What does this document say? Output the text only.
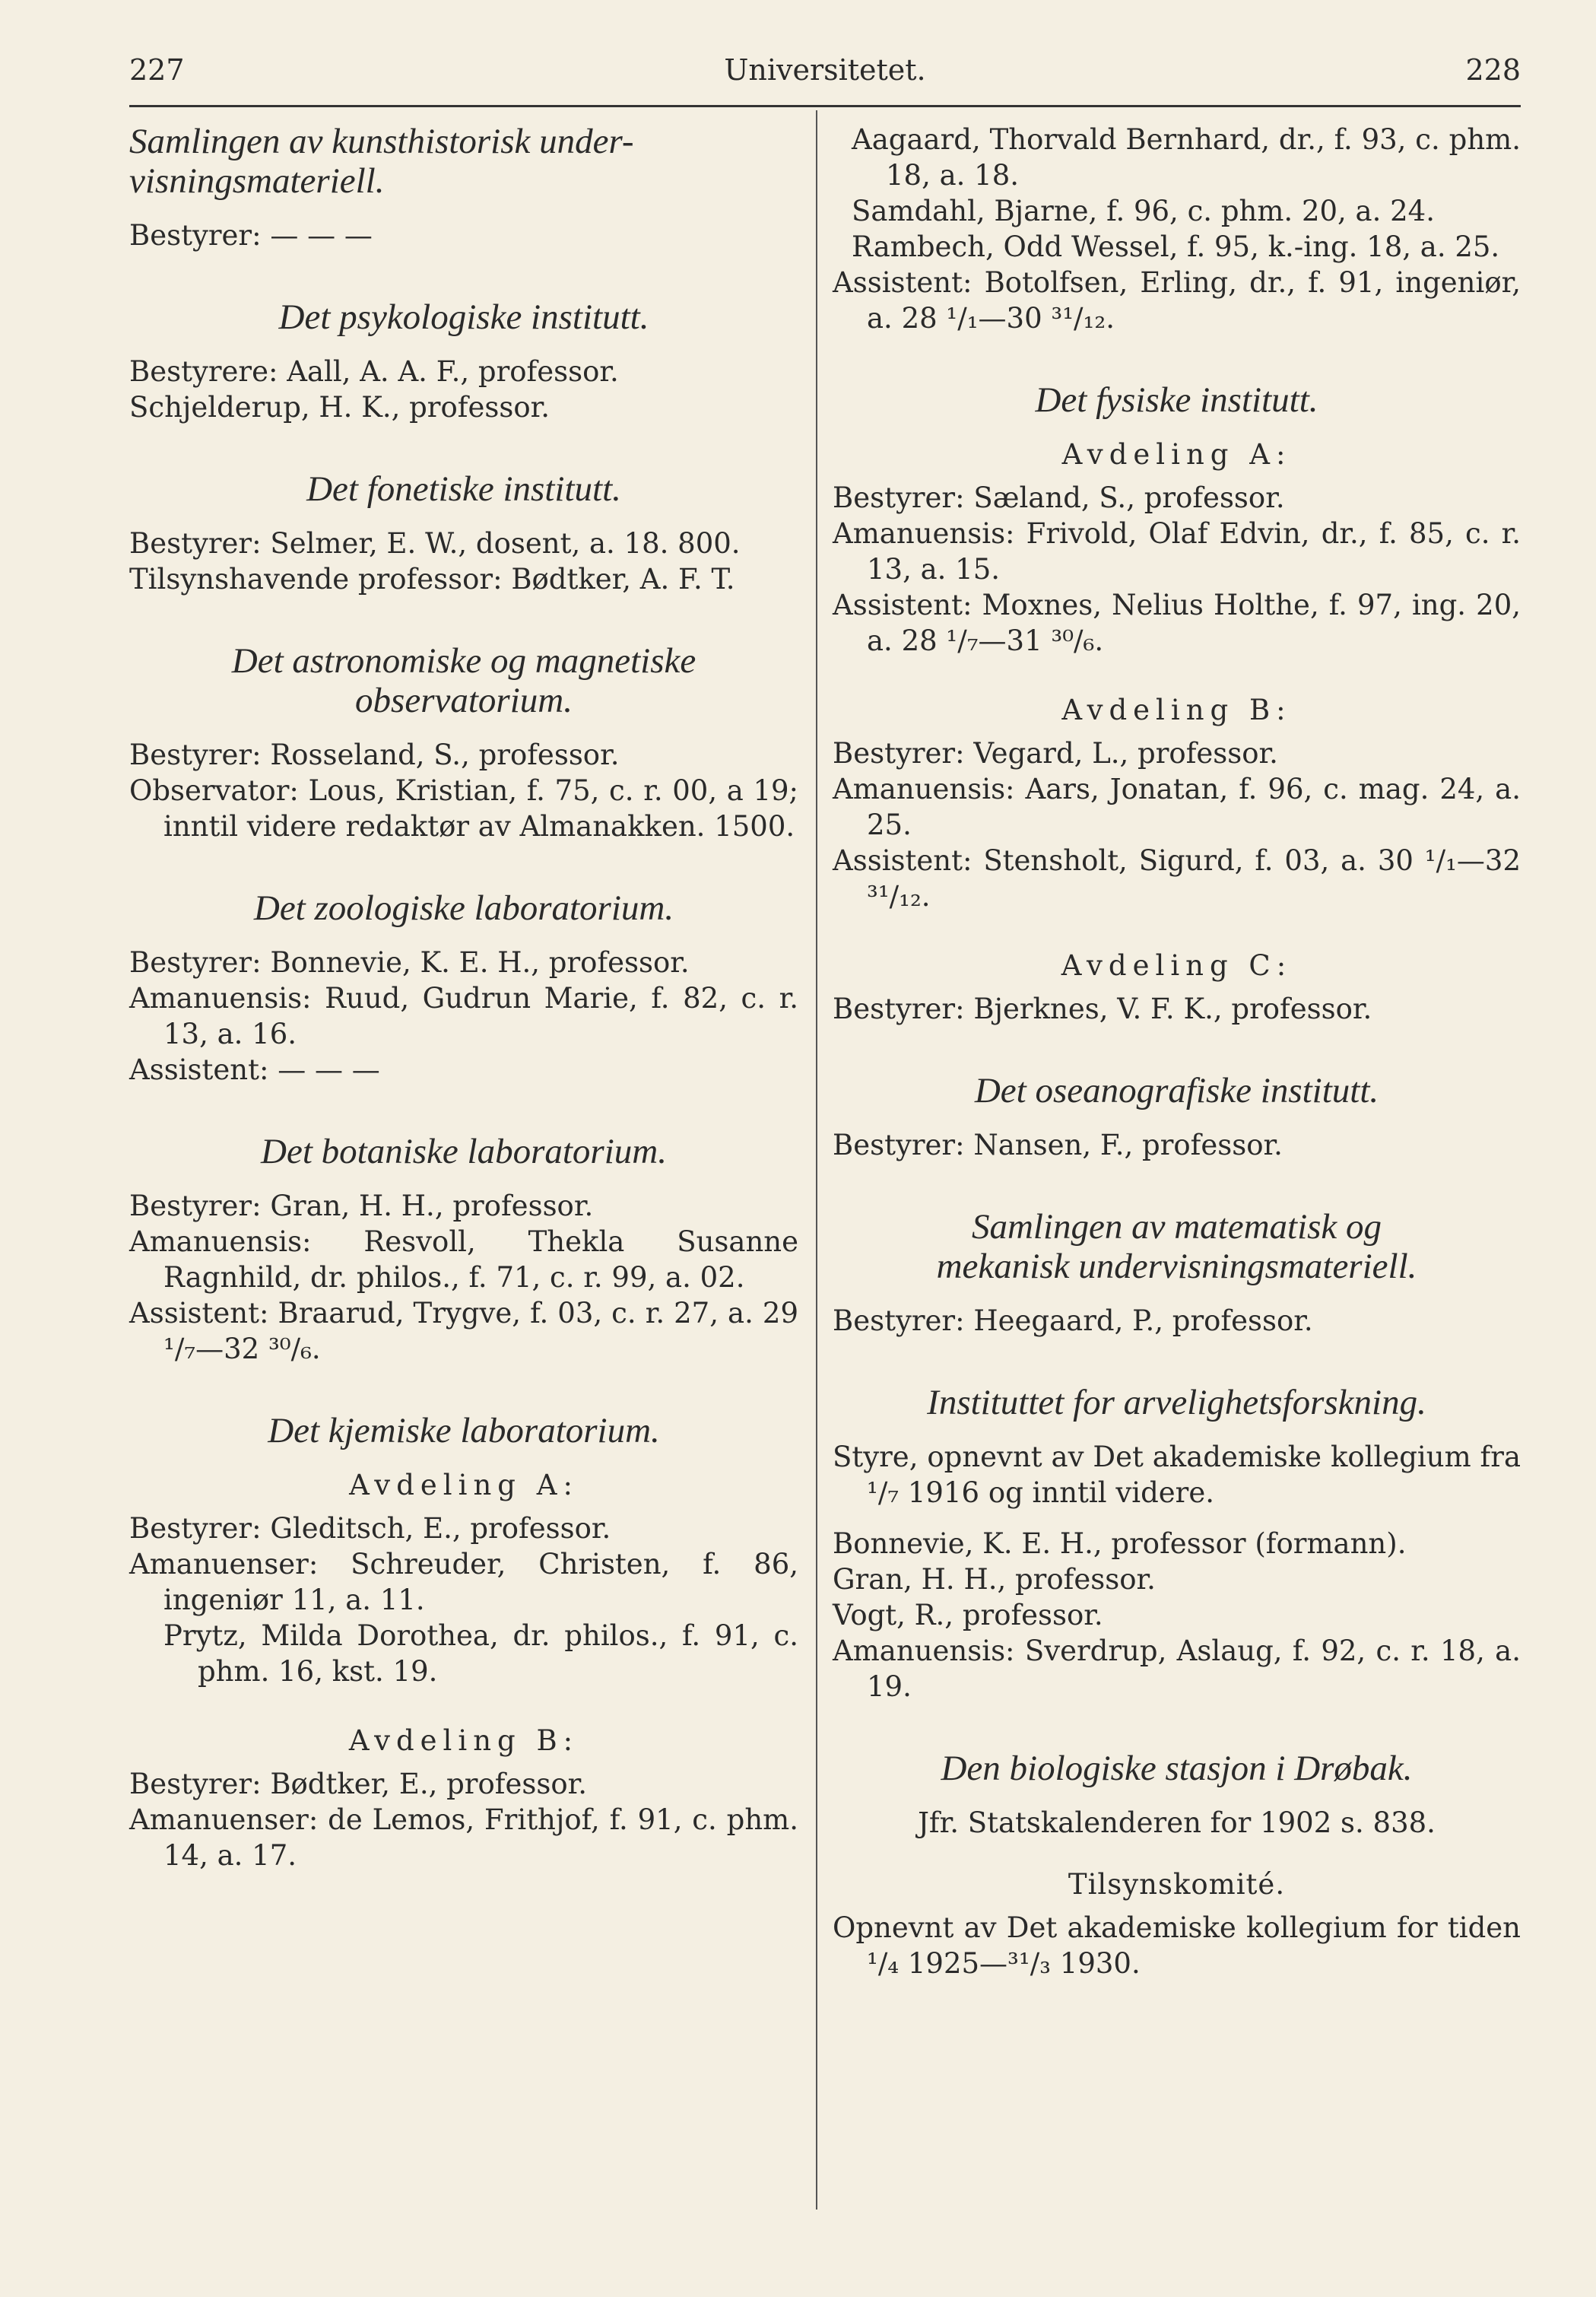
227	Universitetet.	228
Samlingen av kunsthistorisk under-
visningsmateriell.
Bestyrer: — — —
Det psykologiske institutt.
Bestyrere: Aall, A. A. F., professor.
Schjelderup, H. K., professor.
Det fonetiske institutt.
Bestyrer: Selmer, E. W., dosent, a. 18. 800.
Tilsynshavende professor: Bødtker, A. F. T.
Det astronomiske og magnetiske
observatorium.
Bestyrer: Rosseland, S., professor.
Observator: Lous, Kristian, f. 75, c. r. 00, a 19; inntil videre redaktør av Almanakken. 1500.
Det zoologiske laboratorium.
Bestyrer: Bonnevie, K. E. H., professor.
Amanuensis: Ruud, Gudrun Marie, f. 82, c. r. 13, a. 16.
Assistent: — — —
Det botaniske laboratorium.
Bestyrer: Gran, H. H., professor.
Amanuensis: Resvoll, Thekla Susanne Ragnhild, dr. philos., f. 71, c. r. 99, a. 02.
Assistent: Braarud, Trygve, f. 03, c. r. 27, a. 29 ¹/₇—32 ³⁰/₆.
Det kjemiske laboratorium.
Avdeling A:
Bestyrer: Gleditsch, E., professor.
Amanuenser: Schreuder, Christen, f. 86, ingeniør 11, a. 11.
Prytz, Milda Dorothea, dr. philos., f. 91, c. phm. 16, kst. 19.
Avdeling B:
Bestyrer: Bødtker, E., professor.
Amanuenser: de Lemos, Frithjof, f. 91, c. phm. 14, a. 17.
Aagaard, Thorvald Bernhard, dr., f. 93, c. phm. 18, a. 18.
Samdahl, Bjarne, f. 96, c. phm. 20, a. 24.
Rambech, Odd Wessel, f. 95, k.-ing. 18, a. 25.
Assistent: Botolfsen, Erling, dr., f. 91, ingeniør, a. 28 ¹/₁—30 ³¹/₁₂.
Det fysiske institutt.
Avdeling A:
Bestyrer: Sæland, S., professor.
Amanuensis: Frivold, Olaf Edvin, dr., f. 85, c. r. 13, a. 15.
Assistent: Moxnes, Nelius Holthe, f. 97, ing. 20, a. 28 ¹/₇—31 ³⁰/₆.
Avdeling B:
Bestyrer: Vegard, L., professor.
Amanuensis: Aars, Jonatan, f. 96, c. mag. 24, a. 25.
Assistent: Stensholt, Sigurd, f. 03, a. 30 ¹/₁—32 ³¹/₁₂.
Avdeling C:
Bestyrer: Bjerknes, V. F. K., professor.
Det oseanografiske institutt.
Bestyrer: Nansen, F., professor.
Samlingen av matematisk og
mekanisk undervisningsmateriell.
Bestyrer: Heegaard, P., professor.
Instituttet for arvelighetsforskning.
Styre, opnevnt av Det akademiske kollegium fra ¹/₇ 1916 og inntil videre.
Bonnevie, K. E. H., professor (formann).
Gran, H. H., professor.
Vogt, R., professor.
Amanuensis: Sverdrup, Aslaug, f. 92, c. r. 18, a. 19.
Den biologiske stasjon i Drøbak.
Jfr. Statskalenderen for 1902 s. 838.
Tilsynskomité.
Opnevnt av Det akademiske kollegium for tiden ¹/₄ 1925—³¹/₃ 1930.
